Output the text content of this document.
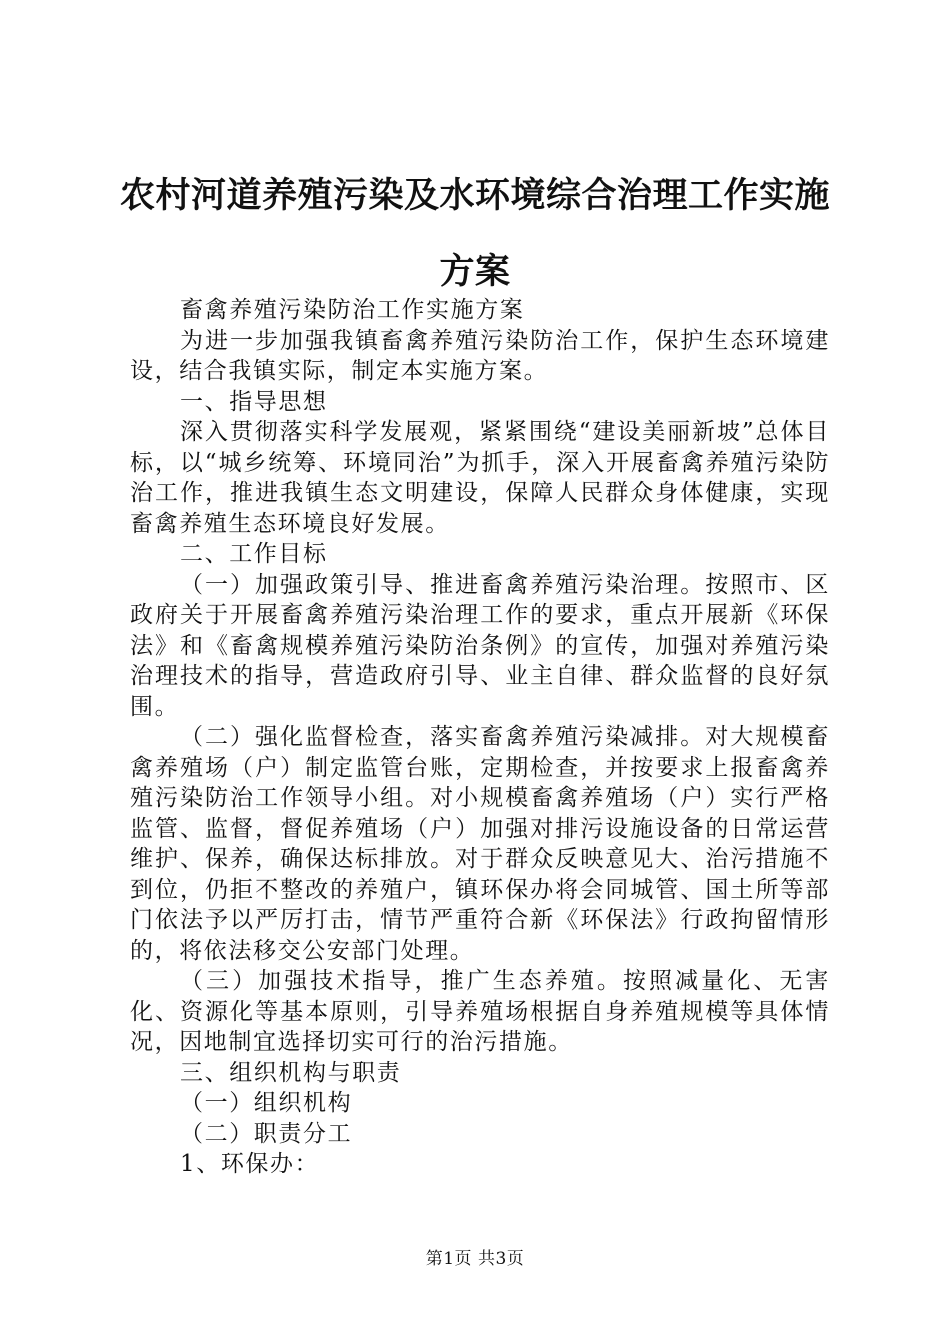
农村河道养殖污染及水环境综合治理工作实施方案

畜禽养殖污染防治工作实施方案

为进一步加强我镇畜禽养殖污染防治工作，保护生态环境建设，结合我镇实际，制定本实施方案。

一、指导思想

深入贯彻落实科学发展观，紧紧围绕“建设美丽新坡”总体目标，以“城乡统筹、环境同治”为抓手，深入开展畜禽养殖污染防治工作，推进我镇生态文明建设，保障人民群众身体健康，实现畜禽养殖生态环境良好发展。

二、工作目标

（一）加强政策引导、推进畜禽养殖污染治理。按照市、区政府关于开展畜禽养殖污染治理工作的要求，重点开展新《环保法》和《畜禽规模养殖污染防治条例》的宣传，加强对养殖污染治理技术的指导，营造政府引导、业主自律、群众监督的良好氛围。

（二）强化监督检查，落实畜禽养殖污染减排。对大规模畜禽养殖场（户）制定监管台账，定期检查，并按要求上报畜禽养殖污染防治工作领导小组。对小规模畜禽养殖场（户）实行严格监管、监督，督促养殖场（户）加强对排污设施设备的日常运营维护、保养，确保达标排放。对于群众反映意见大、治污措施不到位，仍拒不整改的养殖户，镇环保办将会同城管、国土所等部门依法予以严厉打击，情节严重符合新《环保法》行政拘留情形的，将依法移交公安部门处理。

（三）加强技术指导，推广生态养殖。按照减量化、无害化、资源化等基本原则，引导养殖场根据自身养殖规模等具体情况，因地制宜选择切实可行的治污措施。

三、组织机构与职责

（一）组织机构

（二）职责分工

1、环保办：

第1页 共3页
